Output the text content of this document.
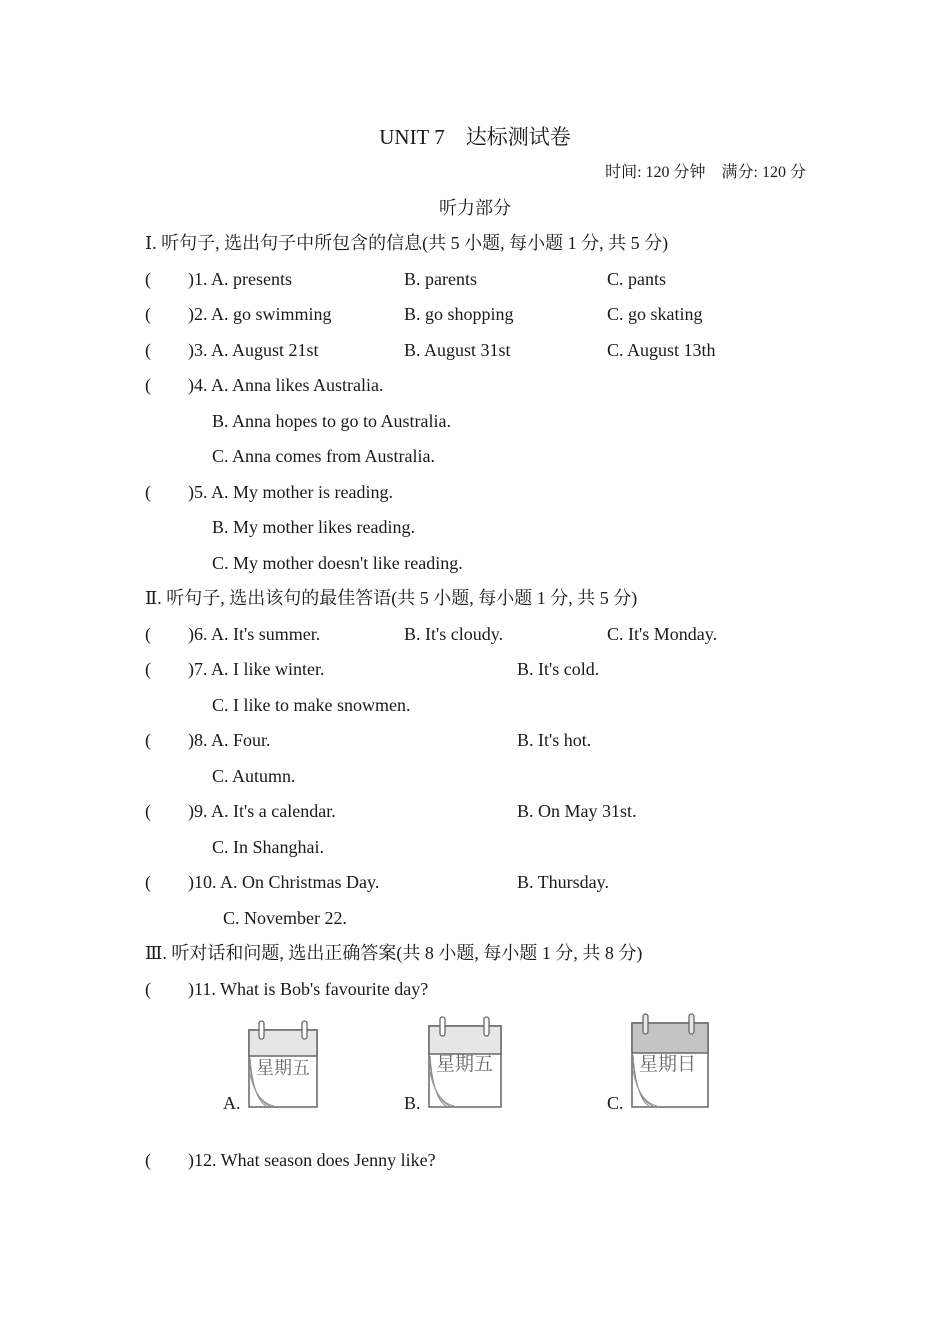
UNIT 7　达标测试卷
时间: 120 分钟　满分: 120 分
听力部分
Ⅰ. 听句子, 选出句子中所包含的信息(共 5 小题, 每小题 1 分, 共 5 分)
( )1. A. presents	B. parents	C. pants
( )2. A. go swimming	B. go shopping	C. go skating
( )3. A. August 21st	B. August 31st	C. August 13th
( )4. A. Anna likes Australia.
B. Anna hopes to go to Australia.
C. Anna comes from Australia.
( )5. A. My mother is reading.
B. My mother likes reading.
C. My mother doesn't like reading.
Ⅱ. 听句子, 选出该句的最佳答语(共 5 小题, 每小题 1 分, 共 5 分)
( )6. A. It's summer.	B. It's cloudy.	C. It's Monday.
( )7. A. I like winter.	B. It's cold.
C. I like to make snowmen.
( )8. A. Four.	B. It's hot.
C. Autumn.
( )9. A. It's a calendar.	B. On May 31st.
C. In Shanghai.
( )10. A. On Christmas Day.	B. Thursday.
C. November 22.
Ⅲ. 听对话和问题, 选出正确答案(共 8 小题, 每小题 1 分, 共 8 分)
( )11. What is Bob's favourite day?
A.
星期五
B.
星期五
C.
星期日
( )12. What season does Jenny like?
